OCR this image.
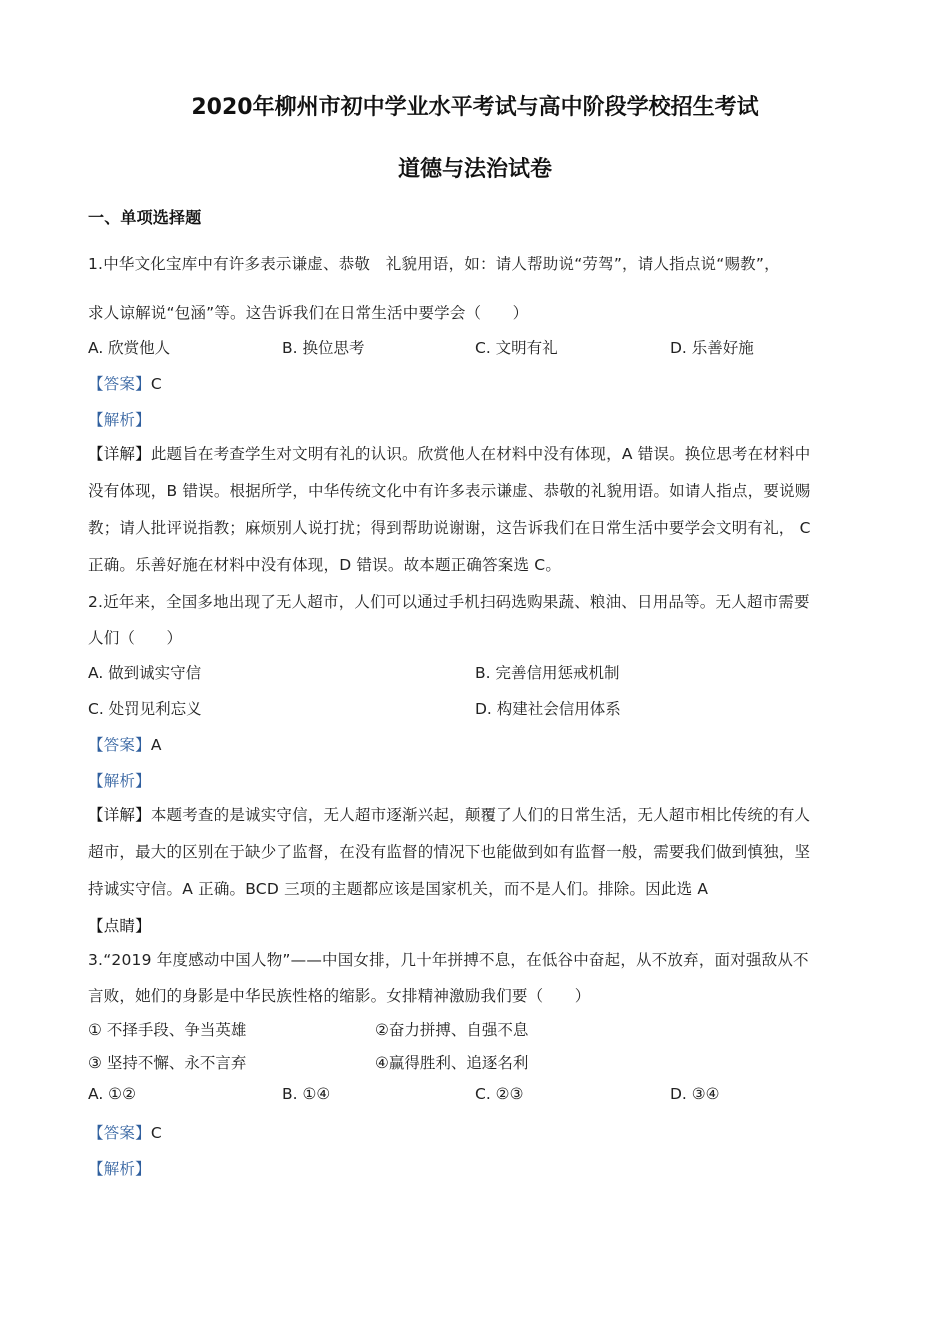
2020年柳州市初中学业水平考试与高中阶段学校招生考试
道德与法治试卷
一、单项选择题
1.中华文化宝库中有许多表示谦虚、恭敬　礼貌用语，如：请人帮助说“劳驾”，请人指点说“赐教”，
求人谅解说“包涵”等。这告诉我们在日常生活中要学会（　　）
A. 欣赏他人	B. 换位思考	C. 文明有礼	D. 乐善好施
【答案】C
【解析】
【详解】此题旨在考查学生对文明有礼的认识。欣赏他人在材料中没有体现，A 错误。换位思考在材料中
没有体现，B 错误。根据所学，中华传统文化中有许多表示谦虚、恭敬的礼貌用语。如请人指点，要说赐
教；请人批评说指教；麻烦别人说打扰；得到帮助说谢谢，这告诉我们在日常生活中要学会文明有礼， C
正确。乐善好施在材料中没有体现，D 错误。故本题正确答案选 C。
2.近年来，全国多地出现了无人超市，人们可以通过手机扫码选购果蔬、粮油、日用品等。无人超市需要
人们（　　）
A. 做到诚实守信	B. 完善信用惩戒机制
C. 处罚见利忘义	D. 构建社会信用体系
【答案】A
【解析】
【详解】本题考查的是诚实守信，无人超市逐渐兴起，颠覆了人们的日常生活，无人超市相比传统的有人
超市，最大的区别在于缺少了监督，在没有监督的情况下也能做到如有监督一般，需要我们做到慎独，坚
持诚实守信。A 正确。BCD 三项的主题都应该是国家机关，而不是人们。排除。因此选 A
【点睛】
3.“2019 年度感动中国人物”——中国女排，几十年拼搏不息，在低谷中奋起，从不放弃，面对强敌从不
言败，她们的身影是中华民族性格的缩影。女排精神激励我们要（　　）
① 不择手段、争当英雄	②奋力拼搏、自强不息
③ 坚持不懈、永不言弃	④赢得胜利、追逐名利
A. ①②	B. ①④	C. ②③	D. ③④
【答案】C
【解析】
